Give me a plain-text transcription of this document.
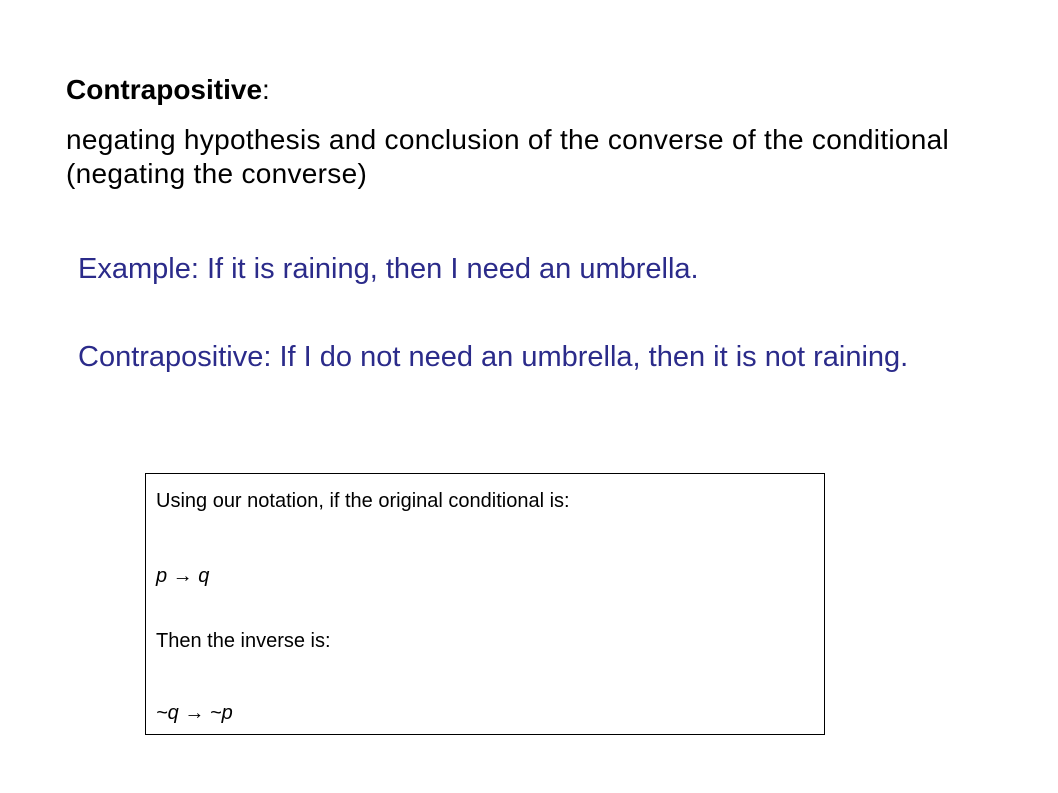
Contrapositive:

negating hypothesis and conclusion of the converse of the conditional (negating the converse)

Example: If it is raining, then I need an umbrella.

Contrapositive: If I do not need an umbrella, then it is not raining.

Using our notation, if the original conditional is:

p → q

Then the inverse is:

~q → ~p
